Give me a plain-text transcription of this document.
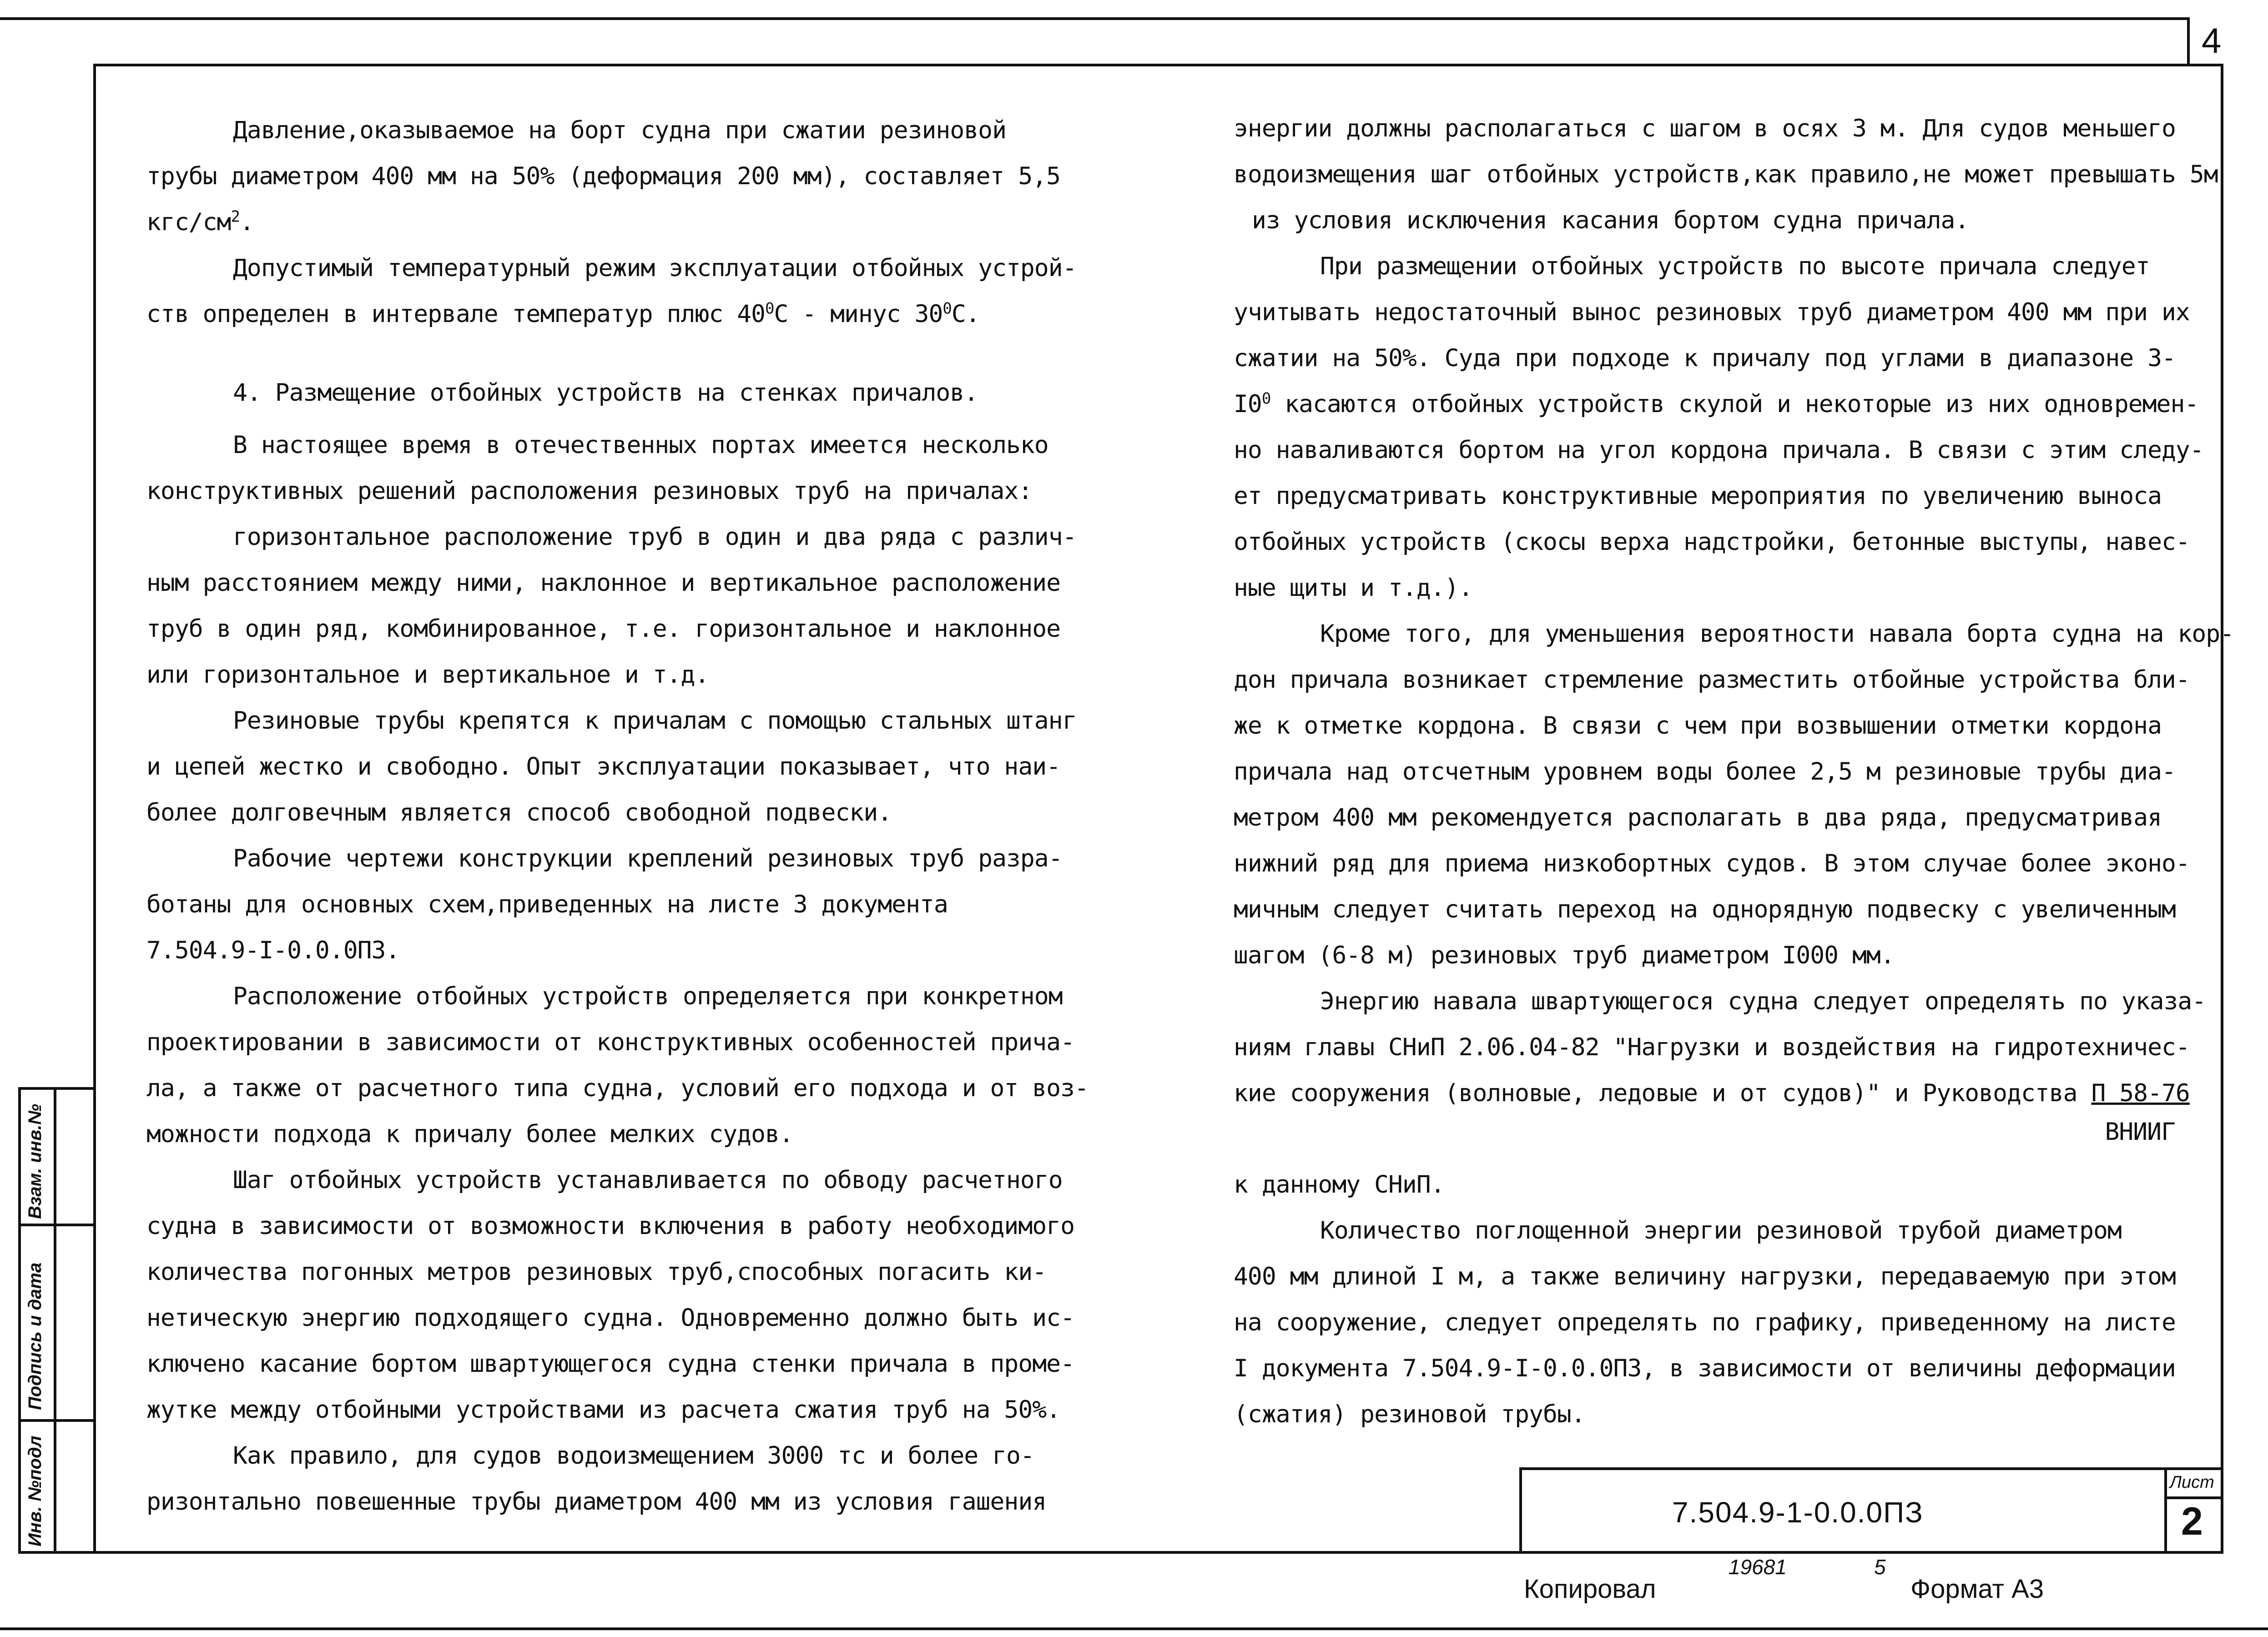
4
Инв. №подл
Подпись и дата
Взам. инв.№

Давление,оказываемое на борт судна при сжатии резиновой

трубы диаметром 400 мм на 50% (деформация 200 мм), составляет 5,5

кгс/$см^2$.

Допустимый температурный режим эксплуатации отбойных устрой-

ств определен в интервале температур плюс $40^0С$ - минус $30^0С$.

4. Размещение отбойных устройств на стенках причалов.

В настоящее время в отечественных портах имеется несколько

конструктивных решений расположения резиновых труб на причалах:

горизонтальное расположение труб в один и два ряда с различ-

ным расстоянием между ними, наклонное и вертикальное расположение

труб в один ряд, комбинированное, т.е. горизонтальное и наклонное

или горизонтальное и вертикальное и т.д.

Резиновые трубы крепятся к причалам с помощью стальных штанг

и цепей жестко и свободно. Опыт эксплуатации показывает, что наи-

более долговечным является способ свободной подвески.

Рабочие чертежи конструкции креплений резиновых труб разра-

ботаны для основных схем,приведенных на листе 3 документа

7.504.9-I-0.0.0ПЗ.

Расположение отбойных устройств определяется при конкретном

проектировании в зависимости от конструктивных особенностей прича-

ла, а также от расчетного типа судна, условий его подхода и от воз-

можности подхода к причалу более мелких судов.

Шаг отбойных устройств устанавливается по обводу расчетного

судна в зависимости от возможности включения в работу необходимого

количества погонных метров резиновых труб,способных погасить ки-

нетическую энергию подходящего судна. Одновременно должно быть ис-

ключено касание бортом швартующегося судна стенки причала в проме-

жутке между отбойными устройствами из расчета сжатия труб на 50%.

Как правило, для судов водоизмещением 3000 тс и более го-

ризонтально повешенные трубы диаметром 400 мм из условия гашения

энергии должны располагаться с шагом в осях 3 м. Для судов меньшего

водоизмещения шаг отбойных устройств,как правило,не может превышать 5м

из условия исключения касания бортом судна причала.

При размещении отбойных устройств по высоте причала следует

учитывать недостаточный вынос резиновых труб диаметром 400 мм при их

сжатии на 50%. Суда при подходе к причалу под углами в диапазоне 3-

$I0^0$ касаются отбойных устройств скулой и некоторые из них одновремен-

но наваливаются бортом на угол кордона причала. В связи с этим следу-

ет предусматривать конструктивные мероприятия по увеличению выноса

отбойных устройств (скосы верха надстройки, бетонные выступы, навес-

ные щиты и т.д.).

Кроме того, для уменьшения вероятности навала борта судна на кор-

дон причала возникает стремление разместить отбойные устройства бли-

же к отметке кордона. В связи с чем при возвышении отметки кордона

причала над отсчетным уровнем воды более 2,5 м резиновые трубы диа-

метром 400 мм рекомендуется располагать в два ряда, предусматривая

нижний ряд для приема низкобортных судов. В этом случае более эконо-

мичным следует считать переход на однорядную подвеску с увеличенным

шагом (6-8 м) резиновых труб диаметром I000 мм.

Энергию навала швартующегося судна следует определять по указа-

ниям главы СНиП 2.06.04-82 "Нагрузки и воздействия на гидротехничес-

кие сооружения (волновые, ледовые и от судов)" и Руководства П 58-76

ВНИИГ

к данному СНиП.

Количество поглощенной энергии резиновой трубой диаметром

400 мм длиной I м, а также величину нагрузки, передаваемую при этом

на сооружение, следует определять по графику, приведенному на листе

I документа 7.504.9-I-0.0.0ПЗ, в зависимости от величины деформации

(сжатия) резиновой трубы.

7.504.9-1-0.0.0ПЗ
Лист
2
Копировал
19681	5
Формат А3
